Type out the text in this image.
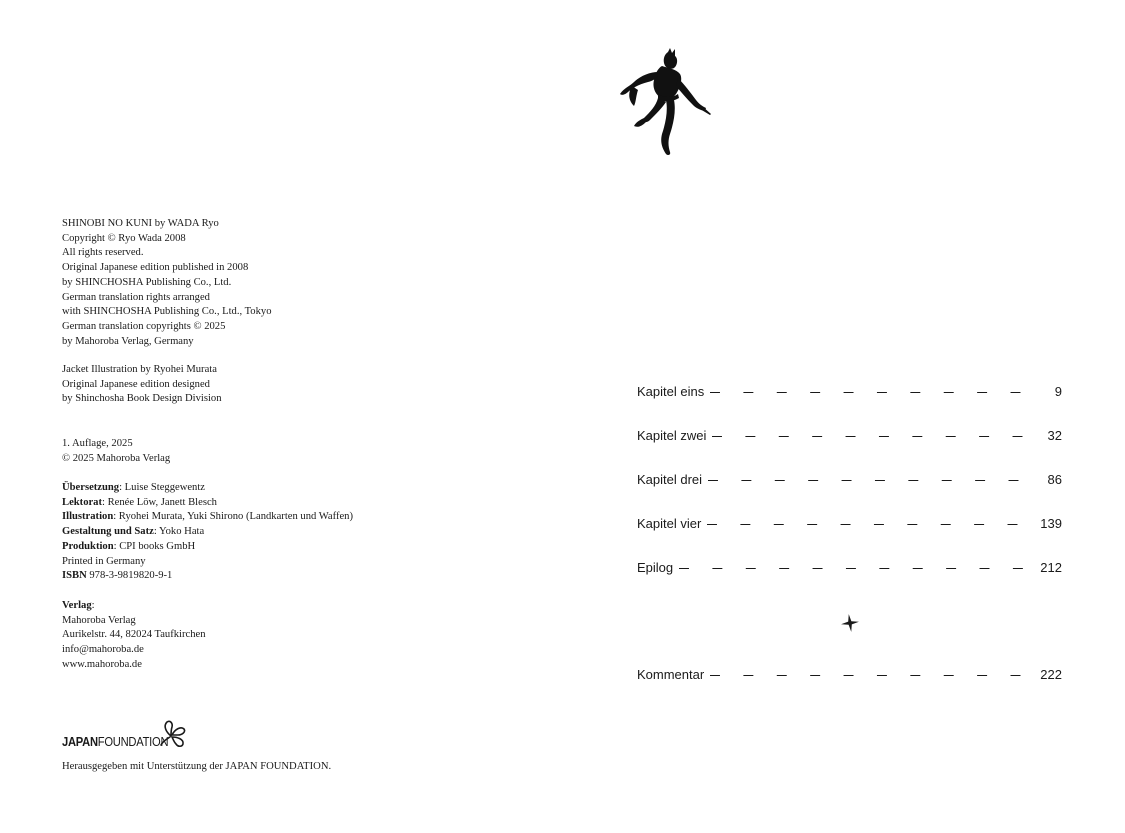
SHINOBI NO KUNI by WADA Ryo
Copyright © Ryo Wada 2008
All rights reserved.
Original Japanese edition published in 2008
by SHINCHOSHA Publishing Co., Ltd.
German translation rights arranged
with SHINCHOSHA Publishing Co., Ltd., Tokyo
German translation copyrights © 2025
by Mahoroba Verlag, Germany
Jacket Illustration by Ryohei Murata
Original Japanese edition designed
by Shinchosha Book Design Division
1. Auflage, 2025
© 2025 Mahoroba Verlag
Übersetzung: Luise Steggewentz
Lektorat: Renée Löw, Janett Blesch
Illustration: Ryohei Murata, Yuki Shirono (Landkarten und Waffen)
Gestaltung und Satz: Yoko Hata
Produktion: CPI books GmbH
Printed in Germany
ISBN 978-3-9819820-9-1
Verlag:
Mahoroba Verlag
Aurikelstr. 44, 82024 Taufkirchen
info@mahoroba.de
www.mahoroba.de
JAPANFOUNDATION
Herausgegeben mit Unterstützung der JAPAN FOUNDATION.
Kapitel eins	9
Kapitel zwei	32
Kapitel drei	86
Kapitel vier	139
Epilog	212
Kommentar	222
